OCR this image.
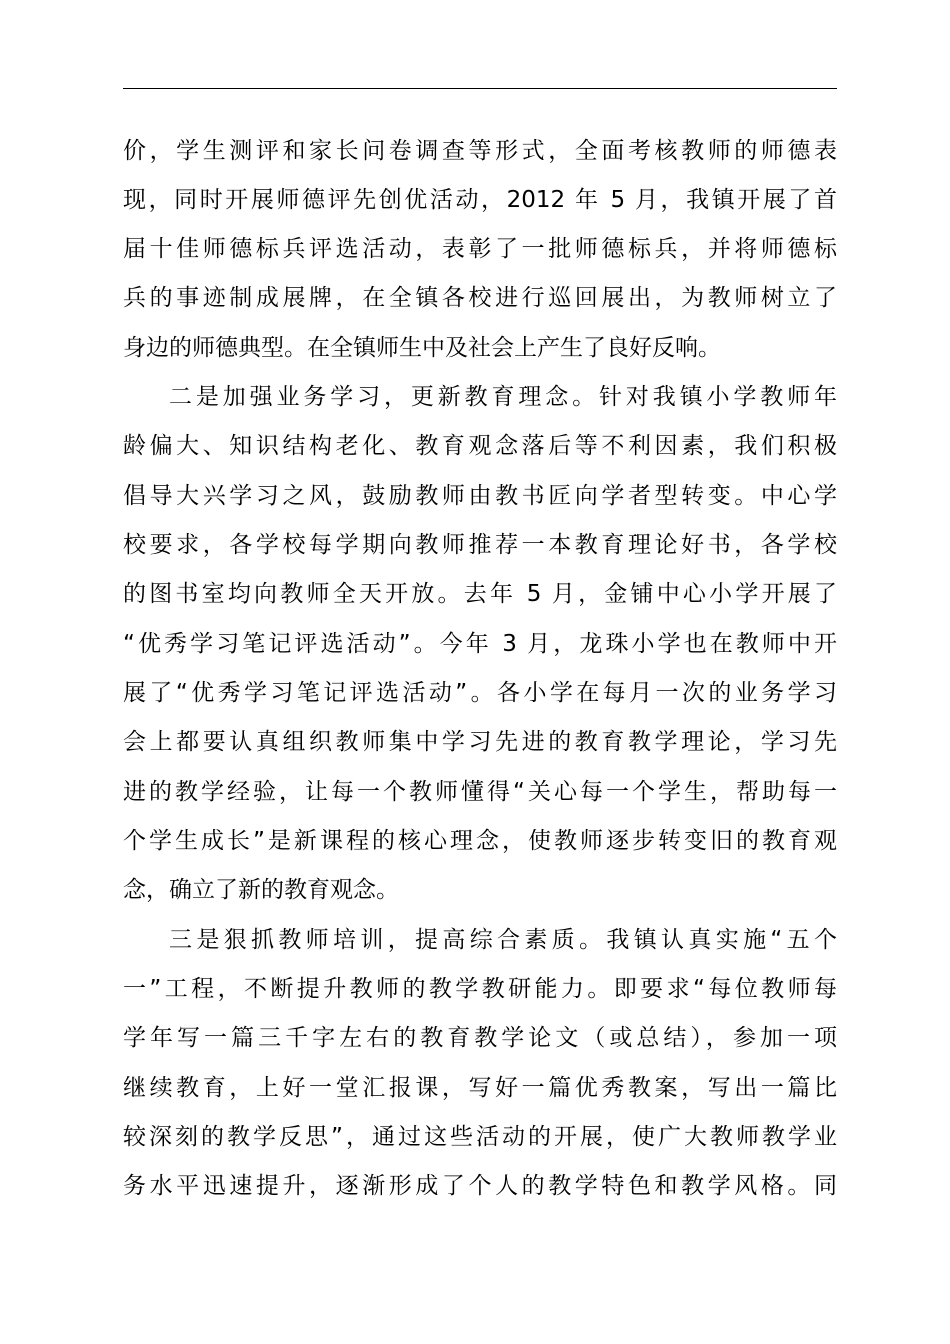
价，学生测评和家长问卷调查等形式，全面考核教师的师德表
现，同时开展师德评先创优活动，2012 年 5 月，我镇开展了首
届十佳师德标兵评选活动，表彰了一批师德标兵，并将师德标
兵的事迹制成展牌，在全镇各校进行巡回展出，为教师树立了
身边的师德典型。在全镇师生中及社会上产生了良好反响。
二是加强业务学习，更新教育理念。针对我镇小学教师年
龄偏大、知识结构老化、教育观念落后等不利因素，我们积极
倡导大兴学习之风，鼓励教师由教书匠向学者型转变。中心学
校要求，各学校每学期向教师推荐一本教育理论好书，各学校
的图书室均向教师全天开放。去年 5 月，金铺中心小学开展了
“优秀学习笔记评选活动”。今年 3 月，龙珠小学也在教师中开
展了“优秀学习笔记评选活动”。各小学在每月一次的业务学习
会上都要认真组织教师集中学习先进的教育教学理论，学习先
进的教学经验，让每一个教师懂得“关心每一个学生，帮助每一
个学生成长”是新课程的核心理念，使教师逐步转变旧的教育观
念，确立了新的教育观念。
三是狠抓教师培训，提高综合素质。我镇认真实施“五个
一”工程，不断提升教师的教学教研能力。即要求“每位教师每
学年写一篇三千字左右的教育教学论文（或总结），参加一项
继续教育，上好一堂汇报课，写好一篇优秀教案，写出一篇比
较深刻的教学反思”，通过这些活动的开展，使广大教师教学业
务水平迅速提升，逐渐形成了个人的教学特色和教学风格。同
